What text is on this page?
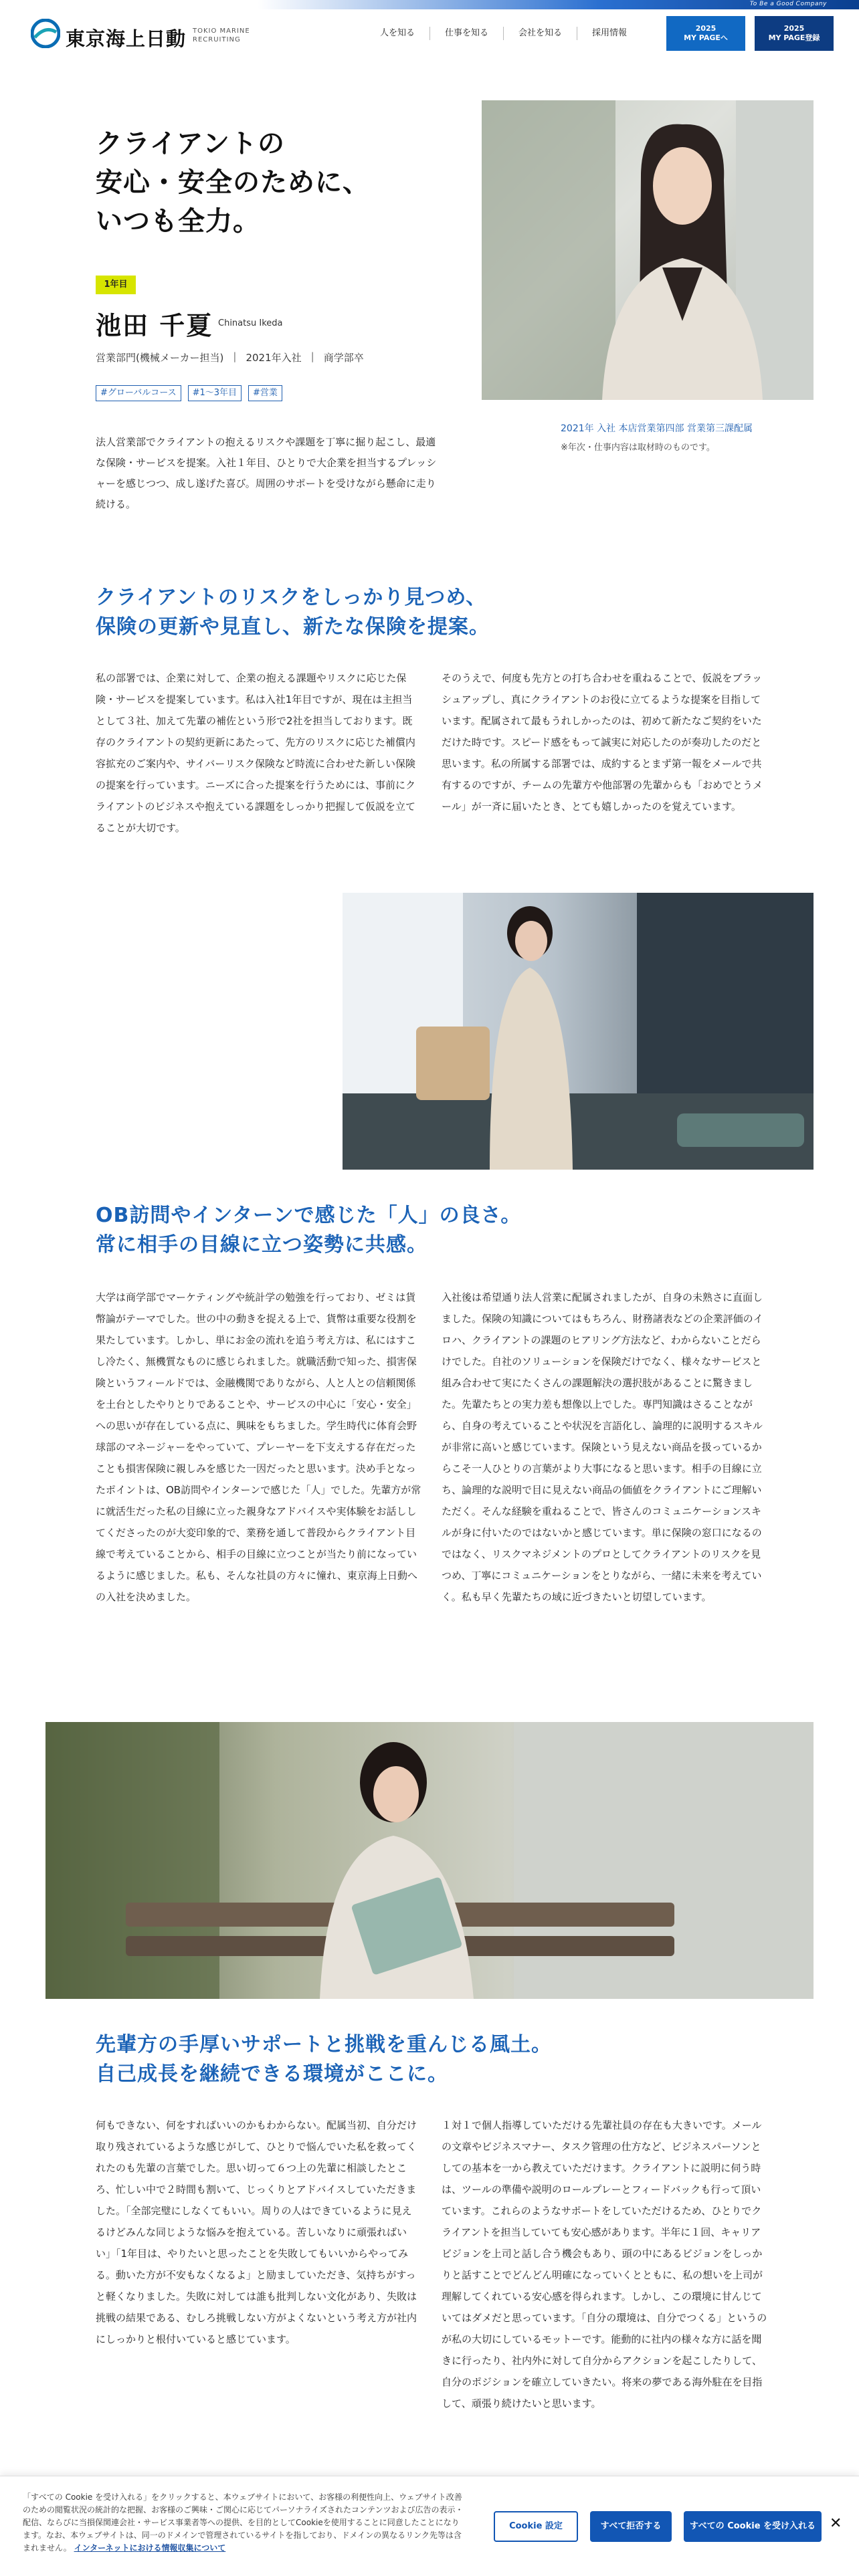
To Be a Good Company
東京海上日動 TOKIO MARINE RECRUITING
人を知る	仕事を知る	会社を知る	採用情報	2025
MY PAGEへ
2025
MY PAGE登録
クライアントの
安心・安全のために、
いつも全力。
1年目
池田 千夏 Chinatsu Ikeda
営業部門(機械メーカー担当) | 2021年入社 | 商学部卒
#グローバルコース	#1〜3年目	#営業
法人営業部でクライアントの抱えるリスクや課題を丁寧に掘り起こし、最適な保険・サービスを提案。入社１年目、ひとりで大企業を担当するプレッシャーを感じつつ、成し遂げた喜び。周囲のサポートを受けながら懸命に走り続ける。
2021年 入社 本店営業第四部 営業第三課配属
※年次・仕事内容は取材時のものです。
クライアントのリスクをしっかり見つめ、
保険の更新や見直し、新たな保険を提案。
私の部署では、企業に対して、企業の抱える課題やリスクに応じた保険・サービスを提案しています。私は入社1年目ですが、現在は主担当として３社、加えて先輩の補佐という形で2社を担当しております。既存のクライアントの契約更新にあたって、先方のリスクに応じた補償内容拡充のご案内や、サイバーリスク保険など時流に合わせた新しい保険の提案を行っています。ニーズに合った提案を行うためには、事前にクライアントのビジネスや抱えている課題をしっかり把握して仮説を立てることが大切です。
そのうえで、何度も先方との打ち合わせを重ねることで、仮説をブラッシュアップし、真にクライアントのお役に立てるような提案を目指しています。配属されて最もうれしかったのは、初めて新たなご契約をいただけた時です。スピード感をもって誠実に対応したのが奏功したのだと思います。私の所属する部署では、成約するとまず第一報をメールで共有するのですが、チームの先輩方や他部署の先輩からも「おめでとうメール」が一斉に届いたとき、とても嬉しかったのを覚えています。
OB訪問やインターンで感じた「人」の良さ。
常に相手の目線に立つ姿勢に共感。
大学は商学部でマーケティングや統計学の勉強を行っており、ゼミは貨幣論がテーマでした。世の中の動きを捉える上で、貨幣は重要な役割を果たしています。しかし、単にお金の流れを追う考え方は、私にはすこし冷たく、無機質なものに感じられました。就職活動で知った、損害保険というフィールドでは、金融機関でありながら、人と人との信頼関係を土台としたやりとりであることや、サービスの中心に「安心・安全」への思いが存在している点に、興味をもちました。学生時代に体育会野球部のマネージャーをやっていて、プレーヤーを下支えする存在だったことも損害保険に親しみを感じた一因だったと思います。決め手となったポイントは、OB訪問やインターンで感じた「人」でした。先輩方が常に就活生だった私の目線に立った親身なアドバイスや実体験をお話ししてくださったのが大変印象的で、業務を通して普段からクライアント目線で考えていることから、相手の目線に立つことが当たり前になっているように感じました。私も、そんな社員の方々に憧れ、東京海上日動への入社を決めました。
入社後は希望通り法人営業に配属されましたが、自身の未熟さに直面しました。保険の知識についてはもちろん、財務諸表などの企業評価のイロハ、クライアントの課題のヒアリング方法など、わからないことだらけでした。自社のソリューションを保険だけでなく、様々なサービスと組み合わせて実にたくさんの課題解決の選択肢があることに驚きました。先輩たちとの実力差も想像以上でした。専門知識はさることながら、自身の考えていることや状況を言語化し、論理的に説明するスキルが非常に高いと感じています。保険という見えない商品を扱っているからこそ一人ひとりの言葉がより大事になると思います。相手の目線に立ち、論理的な説明で目に見えない商品の価値をクライアントにご理解いただく。そんな経験を重ねることで、皆さんのコミュニケーションスキルが身に付いたのではないかと感じています。単に保険の窓口になるのではなく、リスクマネジメントのプロとしてクライアントのリスクを見つめ、丁寧にコミュニケーションをとりながら、一緒に未来を考えていく。私も早く先輩たちの域に近づきたいと切望しています。
先輩方の手厚いサポートと挑戦を重んじる風土。
自己成長を継続できる環境がここに。
何もできない、何をすればいいのかもわからない。配属当初、自分だけ取り残されているような感じがして、ひとりで悩んでいた私を救ってくれたのも先輩の言葉でした。思い切って６つ上の先輩に相談したところ、忙しい中で２時間も割いて、じっくりとアドバイスしていただきました。「全部完璧にしなくてもいい。周りの人はできているように見えるけどみんな同じような悩みを抱えている。苦しいなりに頑張ればいい」「1年目は、やりたいと思ったことを失敗してもいいからやってみる。動いた方が不安もなくなるよ」と励ましていただき、気持ちがすっと軽くなりました。失敗に対しては誰も批判しない文化があり、失敗は挑戦の結果である、むしろ挑戦しない方がよくないという考え方が社内にしっかりと根付いていると感じています。
１対１で個人指導していただける先輩社員の存在も大きいです。メールの文章やビジネスマナー、タスク管理の仕方など、ビジネスパーソンとしての基本を一から教えていただけます。クライアントに説明に伺う時は、ツールの準備や説明のロールプレーとフィードバックも行って頂いています。これらのようなサポートをしていただけるため、ひとりでクライアントを担当していても安心感があります。半年に１回、キャリアビジョンを上司と話し合う機会もあり、頭の中にあるビジョンをしっかりと話すことでどんどん明確になっていくとともに、私の想いを上司が理解してくれている安心感を得られます。しかし、この環境に甘んじていてはダメだと思っています。「自分の環境は、自分でつくる」というのが私の大切にしているモットーです。能動的に社内の様々な方に話を聞きに行ったり、社内外に対して自分からアクションを起こしたりして、自分のポジションを確立していきたい。将来の夢である海外駐在を目指して、頑張り続けたいと思います。
「すべての Cookie を受け入れる」をクリックすると、本ウェブサイトにおいて、お客様の利便性向上、ウェブサイト改善のための閲覧状況の統計的な把握、お客様のご興味・ご関心に応じてパーソナライズされたコンテンツおよび広告の表示・配信、ならびに当損保関連会社・サービス事業者等への提供、を目的としてCookieを使用することに同意したことになります。なお、本ウェブサイトは、同一のドメインで管理されているサイトを指しており、ドメインの異なるリンク先等は含まれません。 インターネットにおける情報収集について
Cookie 設定	すべて拒否する	すべての Cookie を受け入れる ✕
